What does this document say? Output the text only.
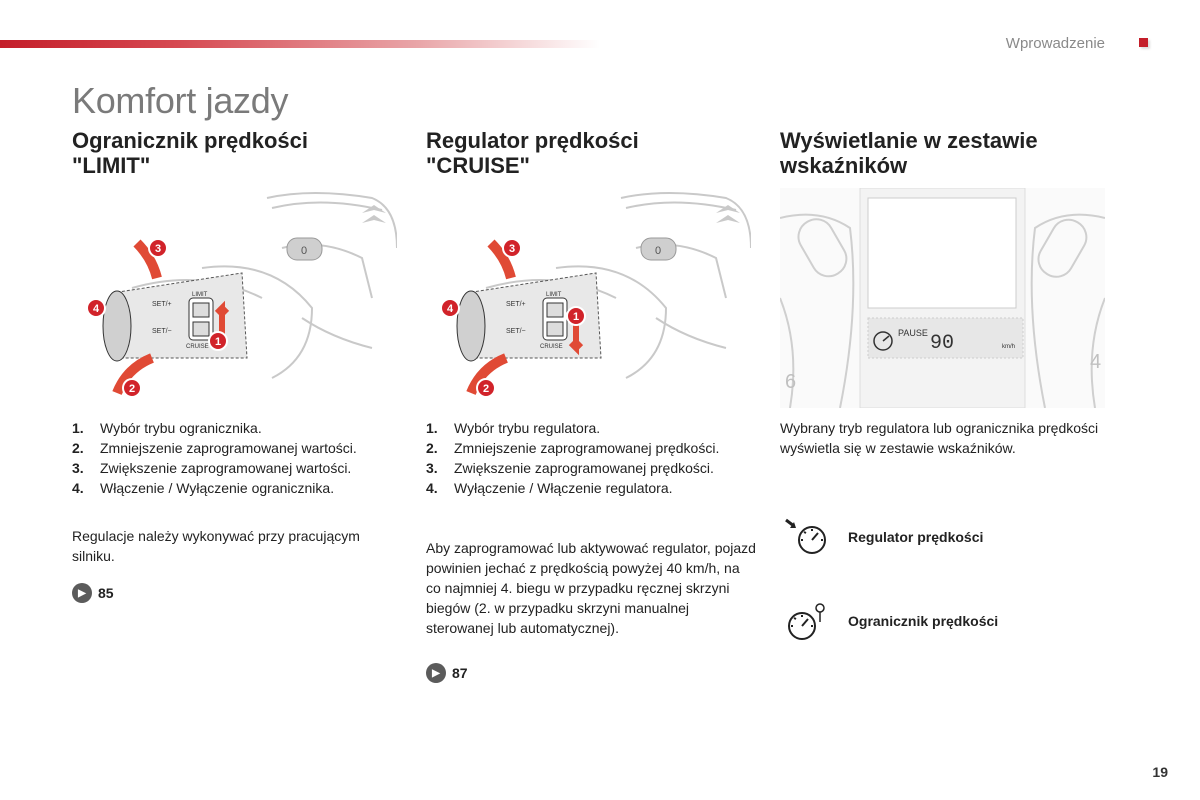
Wprowadzenie
Komfort jazdy
Ogranicznik prędkości
"LIMIT"
0
SET/+
SET/−
LIMIT
CRUISE 1
2
3
4
1. Wybór trybu ogranicznika.
2. Zmniejszenie zaprogramowanej wartości.
3. Zwiększenie zaprogramowanej wartości.
4. Włączenie / Wyłączenie ogranicznika.
Regulacje należy wykonywać przy pracującym silniku.
▶ 85
Regulator prędkości
"CRUISE"
0
SET/+
SET/−
LIMIT
CRUISE
1
2
3
4
1. Wybór trybu regulatora.
2. Zmniejszenie zaprogramowanej prędkości.
3. Zwiększenie zaprogramowanej prędkości.
4. Wyłączenie / Włączenie regulatora.
Aby zaprogramować lub aktywować regulator, pojazd powinien jechać z prędkością powyżej 40 km/h, na co najmniej 4. biegu w przypadku ręcznej skrzyni biegów (2. w przypadku skrzyni manualnej sterowanej lub automatycznej).
▶ 87
Wyświetlanie w zestawie
wskaźników
6
4
PAUSE 90	km/h
Wybrany tryb regulatora lub ogranicznika prędkości wyświetla się w zestawie wskaźników.
Regulator prędkości
Ogranicznik prędkości
19
